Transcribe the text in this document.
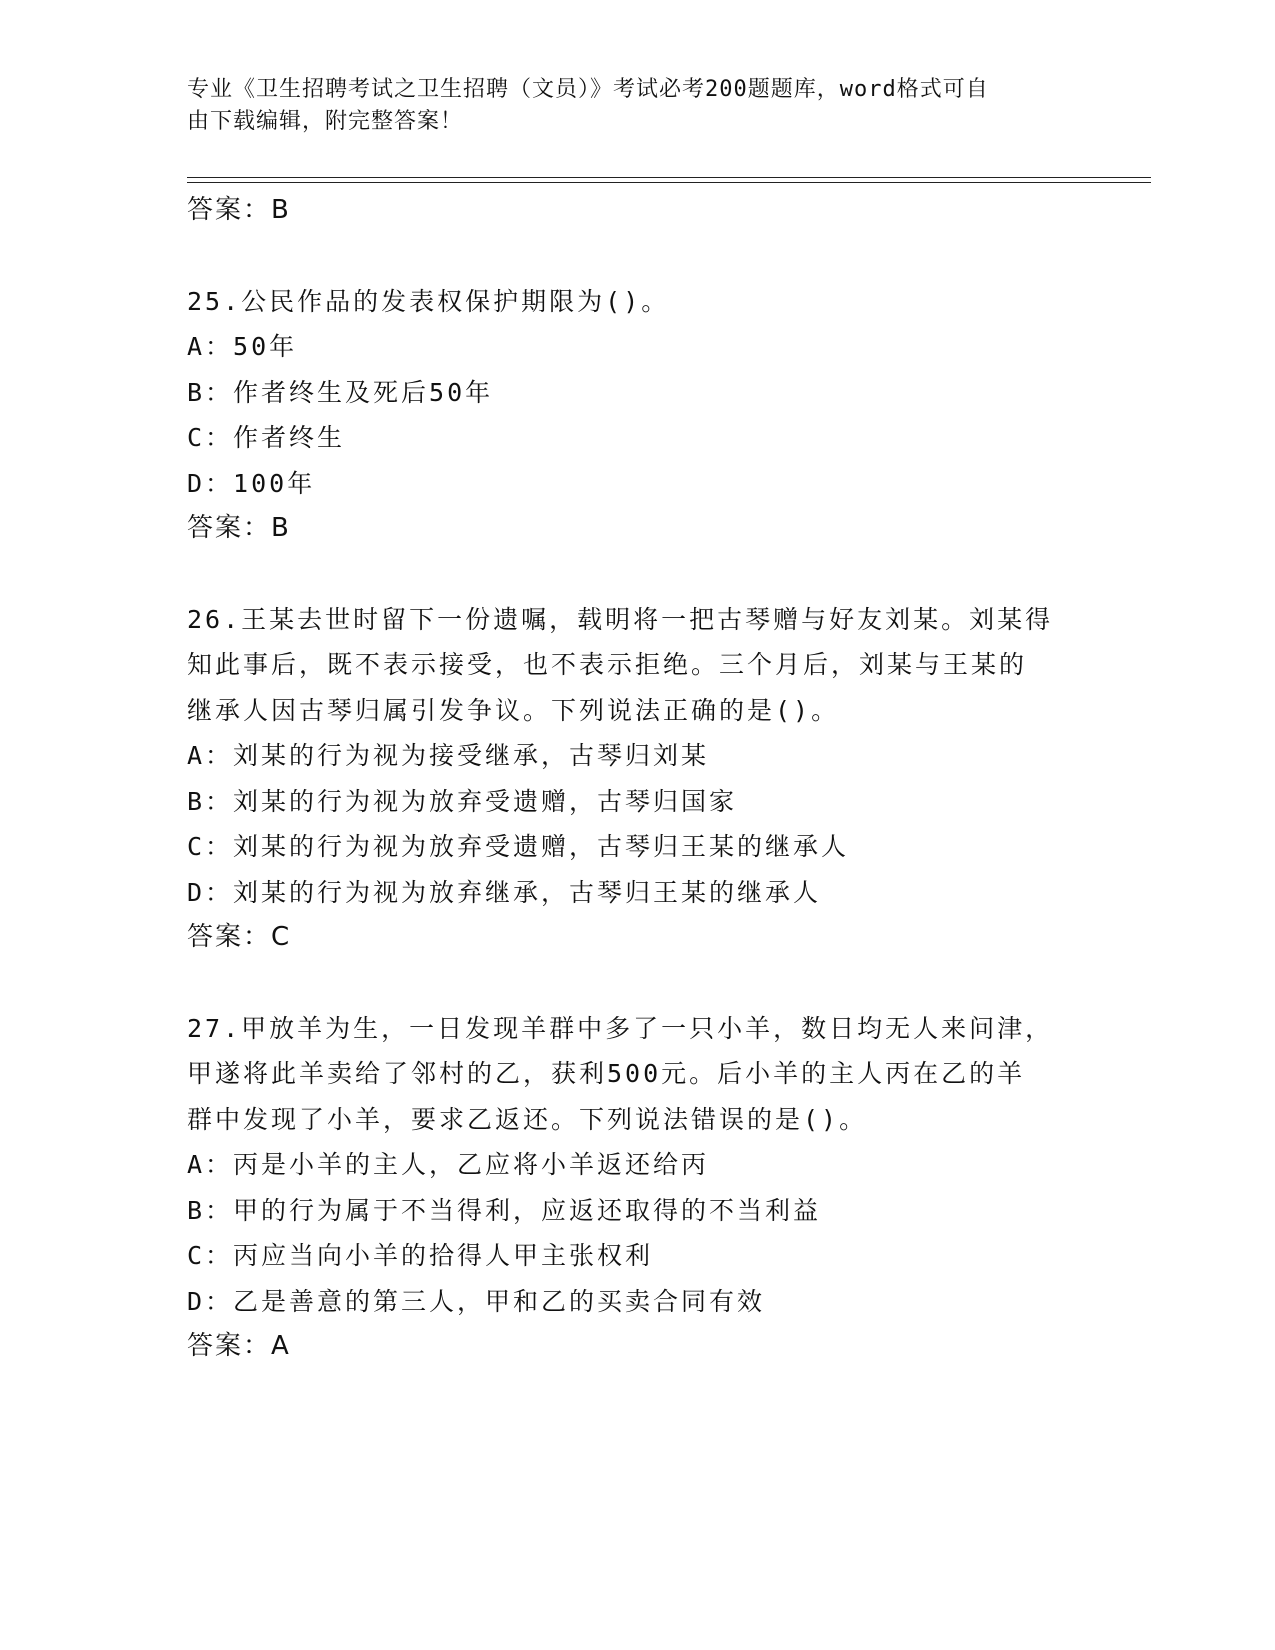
专业《卫生招聘考试之卫生招聘（文员）》考试必考200题题库，word格式可自
由下载编辑，附完整答案！
答案：B
25.公民作品的发表权保护期限为()。
A：50年
B：作者终生及死后50年
C：作者终生
D：100年
答案：B
26.王某去世时留下一份遗嘱，载明将一把古琴赠与好友刘某。刘某得
知此事后，既不表示接受，也不表示拒绝。三个月后，刘某与王某的
继承人因古琴归属引发争议。下列说法正确的是()。
A：刘某的行为视为接受继承，古琴归刘某
B：刘某的行为视为放弃受遗赠，古琴归国家
C：刘某的行为视为放弃受遗赠，古琴归王某的继承人
D：刘某的行为视为放弃继承，古琴归王某的继承人
答案：C
27.甲放羊为生，一日发现羊群中多了一只小羊，数日均无人来问津，
甲遂将此羊卖给了邻村的乙，获利500元。后小羊的主人丙在乙的羊
群中发现了小羊，要求乙返还。下列说法错误的是()。
A：丙是小羊的主人，乙应将小羊返还给丙
B：甲的行为属于不当得利，应返还取得的不当利益
C：丙应当向小羊的拾得人甲主张权利
D：乙是善意的第三人，甲和乙的买卖合同有效
答案：A
